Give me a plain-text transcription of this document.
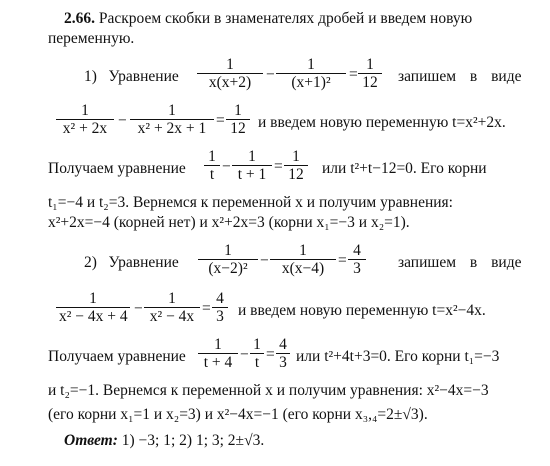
2.66. Раскроем скобки в знаменателях дробей и введем новую
переменную.
1) Уравнение $\frac{1}{x(x+2)} - \frac{1}{\text{(x+1)²}} = \frac{1}{12}$ запишем в виде
$\frac{1}{\text{x² + 2x}} - \frac{1}{\text{x² + 2x + 1}} = \frac{1}{12}$ и введем новую переменную t=x²+2x.
Получаем уравнение $\frac{1}{t} - \frac{1}{t + 1} = \frac{1}{12}$ или t²+t−12=0. Его корни
t₁=−4 и t₂=3. Вернемся к переменной x и получим уравнения:
x²+2x=−4 (корней нет) и x²+2x=3 (корни x₁=−3 и x₂=1).
2) Уравнение $\frac{1}{\text{(x−2)²}} - \frac{1}{x(x-4)} = \frac{4}{3}$ запишем в виде
$\frac{1}{\text{x² − 4x + 4}} - \frac{1}{\text{x² − 4x}} = \frac{4}{3}$ и введем новую переменную t=x²−4x.
Получаем уравнение $\frac{1}{t + 4} - \frac{1}{t} = \frac{4}{3}$ или t²+4t+3=0. Его корни t₁=−3
и t₂=−1. Вернемся к переменной x и получим уравнения: x²−4x=−3
(его корни x₁=1 и x₂=3) и x²−4x=−1 (его корни x₃,₄=2±√3).
Ответ: 1) −3; 1; 2) 1; 3; 2±√3.
